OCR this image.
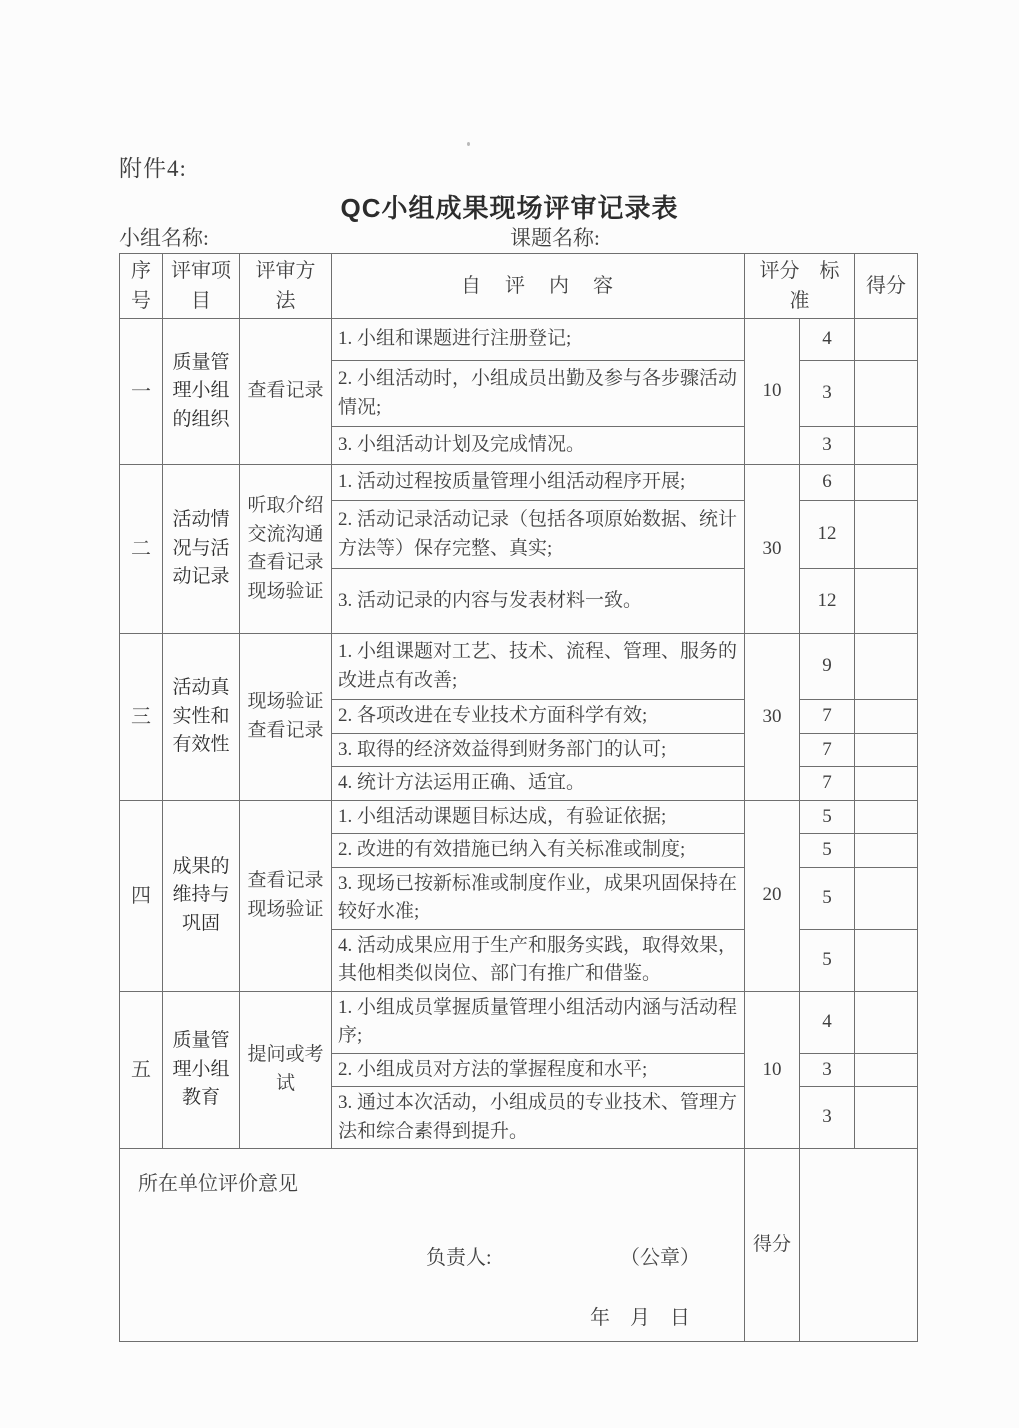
附件4:
QC小组成果现场评审记录表
小组名称:	课题名称:
序号	评审项目	评审方法	自　评　内　容	评分　标准		得分
一	质量管理小组的组织	查看记录	1. 小组和课题进行注册登记;	10	4	
			2. 小组活动时，小组成员出勤及参与各步骤活动情况;		3	
			3. 小组活动计划及完成情况。		3	
二	活动情况与活动记录	听取介绍交流沟通查看记录现场验证	1. 活动过程按质量管理小组活动程序开展;	30	6	
			2. 活动记录活动记录（包括各项原始数据、统计方法等）保存完整、真实;		12	
			3. 活动记录的内容与发表材料一致。		12	
三	活动真实性和有效性	现场验证查看记录	1. 小组课题对工艺、技术、流程、管理、服务的改进点有改善;	30	9	
			2. 各项改进在专业技术方面科学有效;		7	
			3. 取得的经济效益得到财务部门的认可;		7	
			4. 统计方法运用正确、适宜。		7	
四	成果的维持与巩固	查看记录现场验证	1. 小组活动课题目标达成，有验证依据;	20	5	
			2. 改进的有效措施已纳入有关标准或制度;		5	
			3. 现场已按新标准或制度作业，成果巩固保持在较好水准;		5	
			4. 活动成果应用于生产和服务实践，取得效果，其他相类似岗位、部门有推广和借鉴。		5	
五	质量管理小组教育	提问或考试	1. 小组成员掌握质量管理小组活动内涵与活动程序;	10	4	
			2. 小组成员对方法的掌握程度和水平;		3	
			3. 通过本次活动，小组成员的专业技术、管理方法和综合素得到提升。		3	

所在单位评价意见
负责人: （公章）
年　月　日				得分		
